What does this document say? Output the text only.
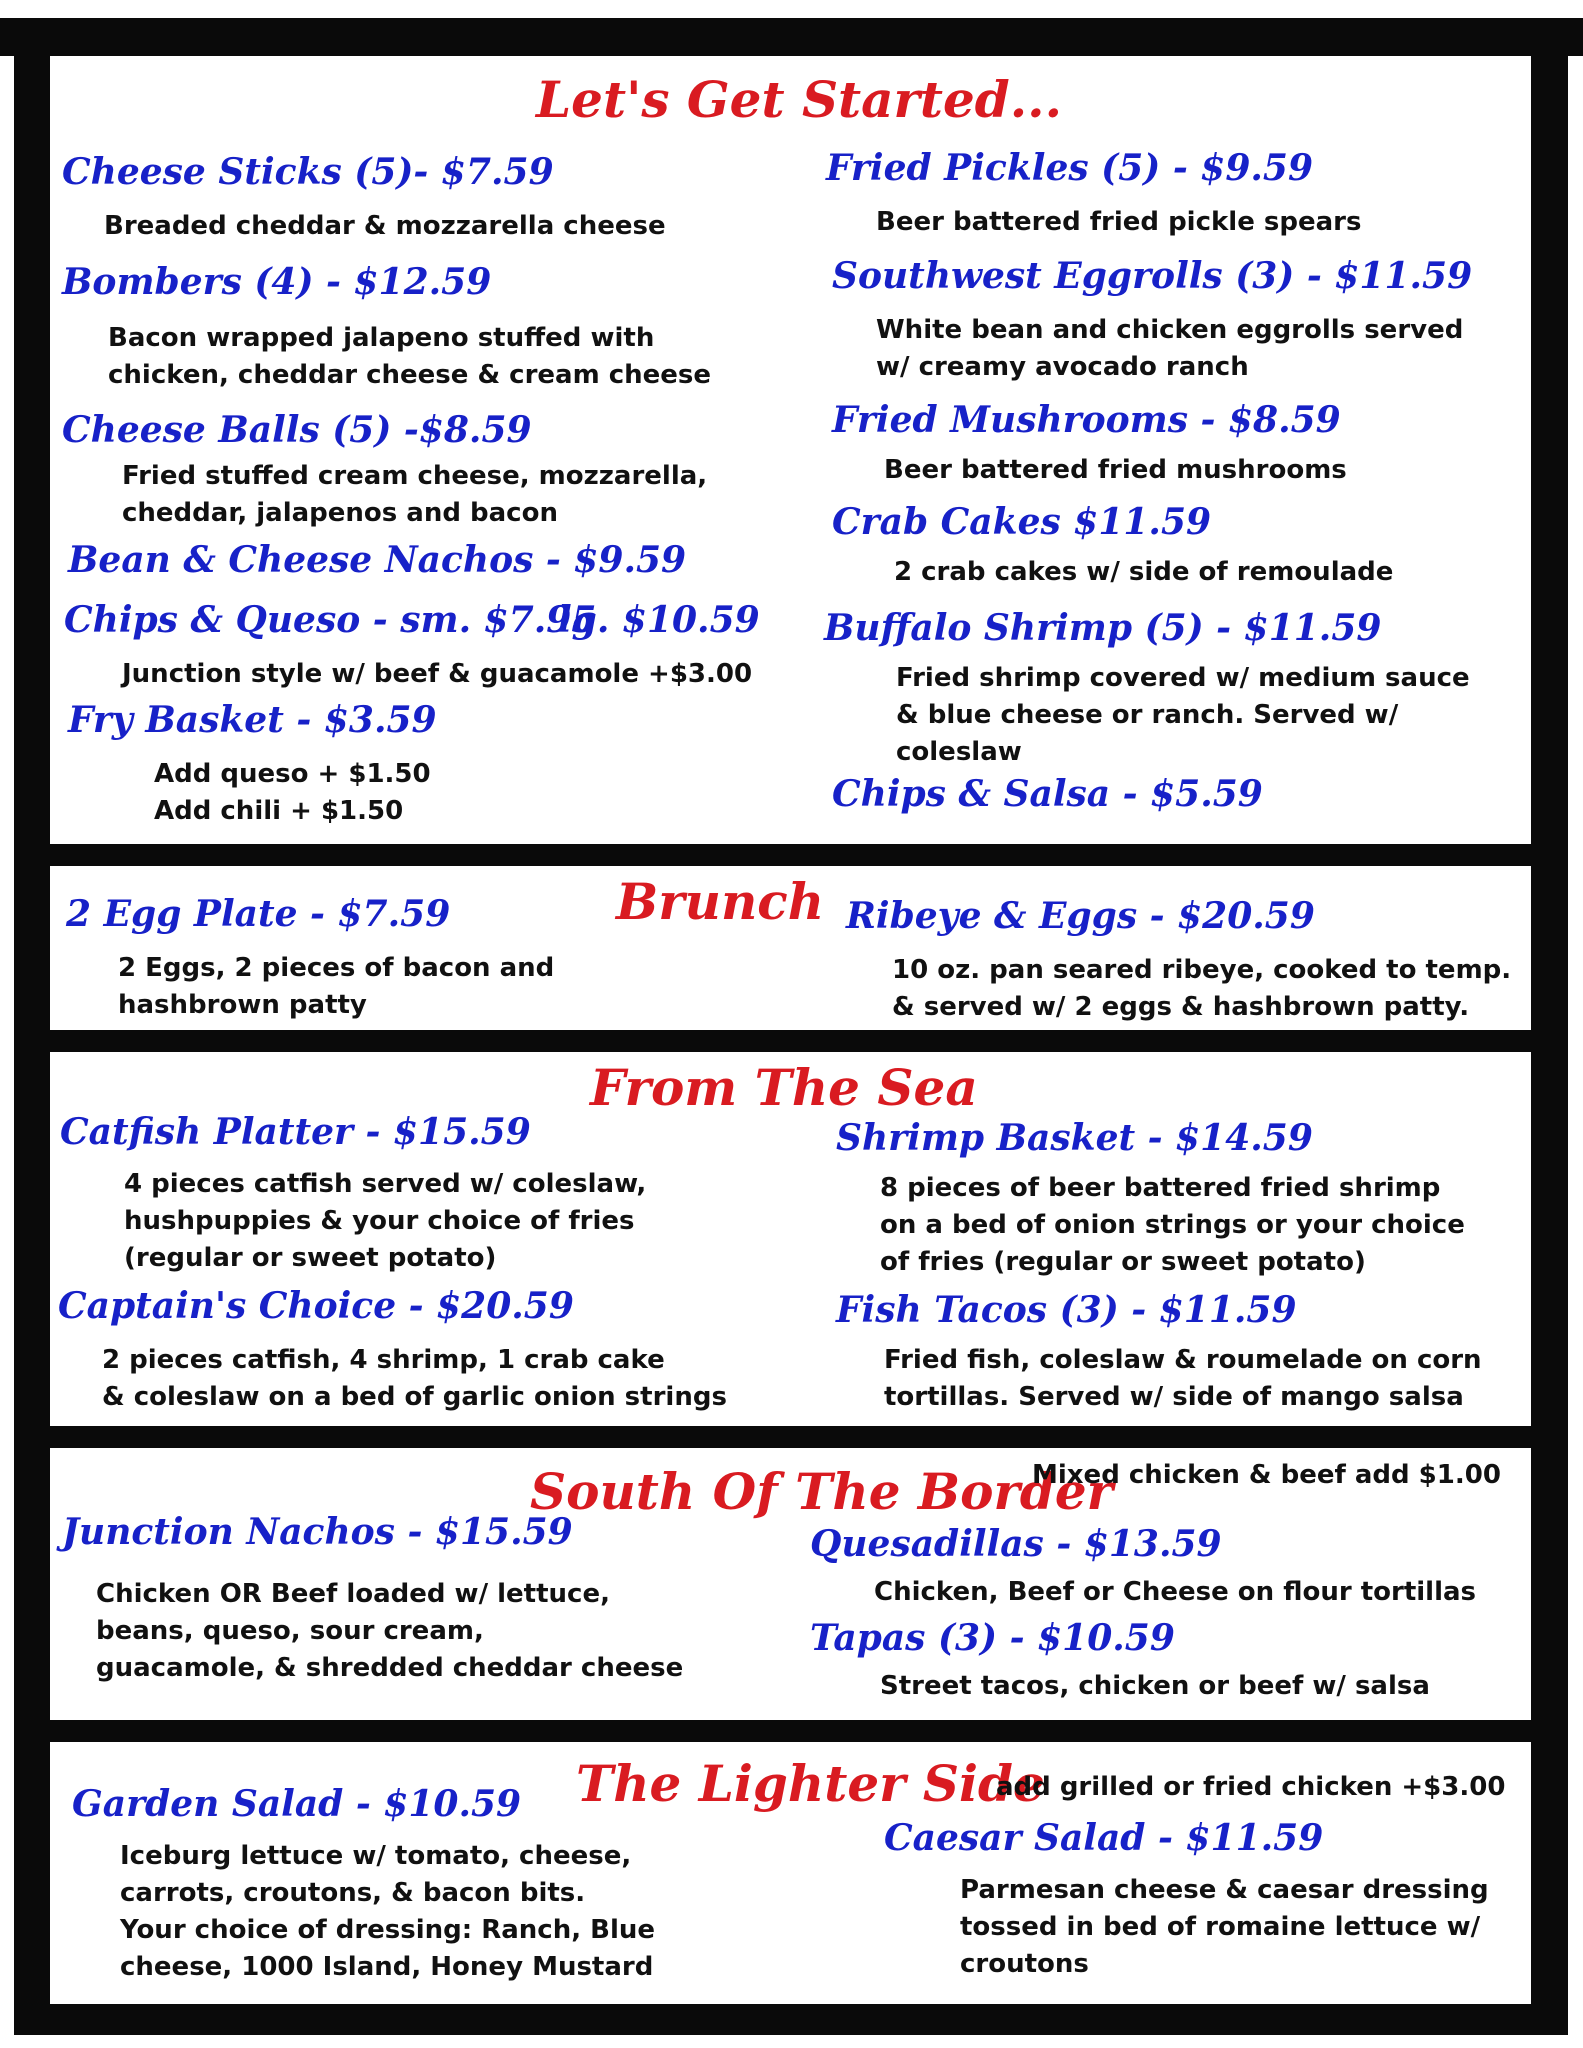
Let's Get Started...
Cheese Sticks (5)- $7.59
Breaded cheddar & mozzarella cheese
Bombers (4) - $12.59
Bacon wrapped jalapeno stuffed with
chicken, cheddar cheese & cream cheese
Cheese Balls (5) -$8.59
Fried stuffed cream cheese, mozzarella,
cheddar, jalapenos and bacon
Bean & Cheese Nachos - $9.59
Chips & Queso - sm. $7.95
lg. $10.59
Junction style w/ beef & guacamole +$3.00
Fry Basket - $3.59
Add queso + $1.50
Add chili + $1.50
Fried Pickles (5) - $9.59
Beer battered fried pickle spears
Southwest Eggrolls (3) - $11.59
White bean and chicken eggrolls served
w/ creamy avocado ranch
Fried Mushrooms - $8.59
Beer battered fried mushrooms
Crab Cakes $11.59
2 crab cakes w/ side of remoulade
Buffalo Shrimp (5) - $11.59
Fried shrimp covered w/ medium sauce
& blue cheese or ranch. Served w/
coleslaw
Chips & Salsa - $5.59
Brunch
2 Egg Plate - $7.59
2 Eggs, 2 pieces of bacon and
hashbrown patty
Ribeye & Eggs - $20.59
10 oz. pan seared ribeye, cooked to temp.
& served w/ 2 eggs & hashbrown patty.
From The Sea
Catfish Platter - $15.59
4 pieces catfish served w/ coleslaw,
hushpuppies & your choice of fries
(regular or sweet potato)
Captain's Choice - $20.59
2 pieces catfish, 4 shrimp, 1 crab cake
& coleslaw on a bed of garlic onion strings
Shrimp Basket - $14.59
8 pieces of beer battered fried shrimp
on a bed of onion strings or your choice
of fries (regular or sweet potato)
Fish Tacos (3) - $11.59
Fried fish, coleslaw & roumelade on corn
tortillas. Served w/ side of mango salsa
South Of The Border
Mixed chicken & beef add $1.00
Junction Nachos - $15.59
Chicken OR Beef loaded w/ lettuce,
beans, queso, sour cream,
guacamole, & shredded cheddar cheese
Quesadillas - $13.59
Chicken, Beef or Cheese on flour tortillas
Tapas (3) - $10.59
Street tacos, chicken or beef w/ salsa
The Lighter Side
add grilled or fried chicken +$3.00
Garden Salad - $10.59
Iceburg lettuce w/ tomato, cheese,
carrots, croutons, & bacon bits.
Your choice of dressing: Ranch, Blue
cheese, 1000 Island, Honey Mustard
Caesar Salad - $11.59
Parmesan cheese & caesar dressing
tossed in bed of romaine lettuce w/
croutons
